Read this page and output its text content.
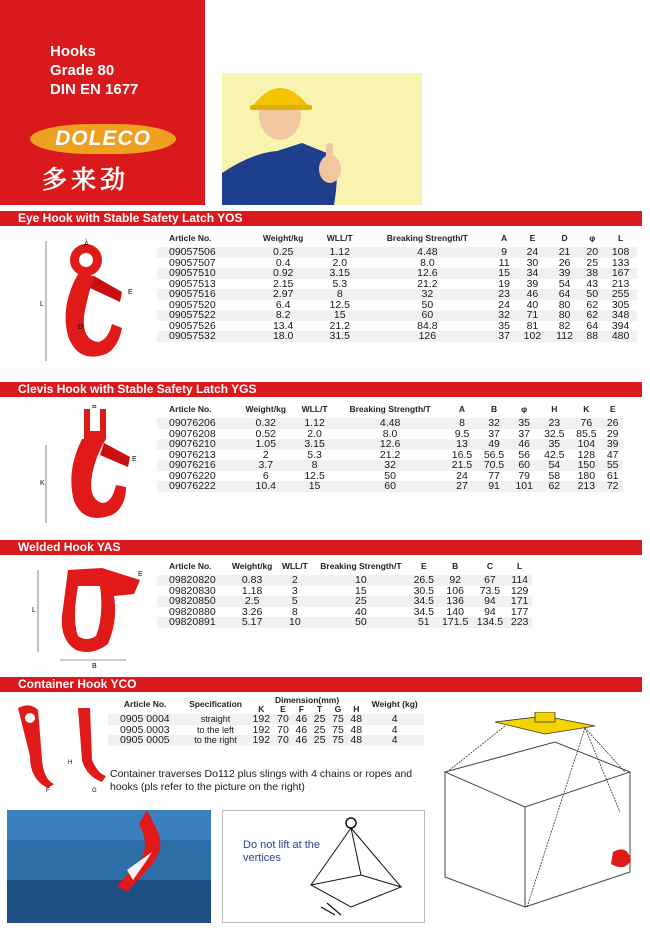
Hooks
Grade 80
DIN EN 1677
DOLECO
多来劲
Eye Hook with Stable Safety Latch YOS
L
A
E
D
Article No.	Weight/kg	WLL/T	Breaking Strength/T	A	E	D	φ	L
09057506	0.25	1.12	4.48	9	24	21	20	108
09057507	0.4	2.0	8.0	11	30	26	25	133
09057510	0.92	3.15	12.6	15	34	39	38	167
09057513	2.15	5.3	21.2	19	39	54	43	213
09057516	2.97	8	32	23	46	64	50	255
09057520	6.4	12.5	50	24	40	80	62	305
09057522	8.2	15	60	32	71	80	62	348
09057526	13.4	21.2	84.8	35	81	82	64	394
09057532	18.0	31.5	126	37	102	112	88	480
Clevis Hook with Stable Safety Latch YGS
K
B
E
Article No.	Weight/kg	WLL/T	Breaking Strength/T	A	B	φ	H	K	E
09076206	0.32	1.12	4.48	8	32	35	23	76	26
09076208	0.52	2.0	8.0	9.5	37	37	32.5	85.5	29
09076210	1.05	3.15	12.6	13	49	46	35	104	39
09076213	2	5.3	21.2	16.5	56.5	56	42.5	128	47
09076216	3.7	8	32	21.5	70.5	60	54	150	55
09076220	6	12.5	50	24	77	79	58	180	61
09076222	10.4	15	60	27	91	101	62	213	72
Welded Hook YAS
L
B
E
Article No.	Weight/kg	WLL/T	Breaking Strength/T	E	B	C	L
09820820	0.83	2	10	26.5	92	67	114
09820830	1.18	3	15	30.5	106	73.5	129
09820850	2.5	5	25	34.5	136	94	171
09820880	3.26	8	40	34.5	140	94	177
09820891	5.17	10	50	51	171.5	134.5	223
Container Hook YCO
H
F	G
Article No.	Specification	Dimension(mm)						Weight (kg)
		K	E	F	T	G	H	
0905 0004	straight	192	70	46	25	75	48	4
0905 0003	to the left	192	70	46	25	75	48	4
0905 0005	to the right	192	70	46	25	75	48	4
Container traverses Do112 plus slings with 4 chains or ropes and hooks (pls refer to the picture on the right)
Do not lift at the vertices
